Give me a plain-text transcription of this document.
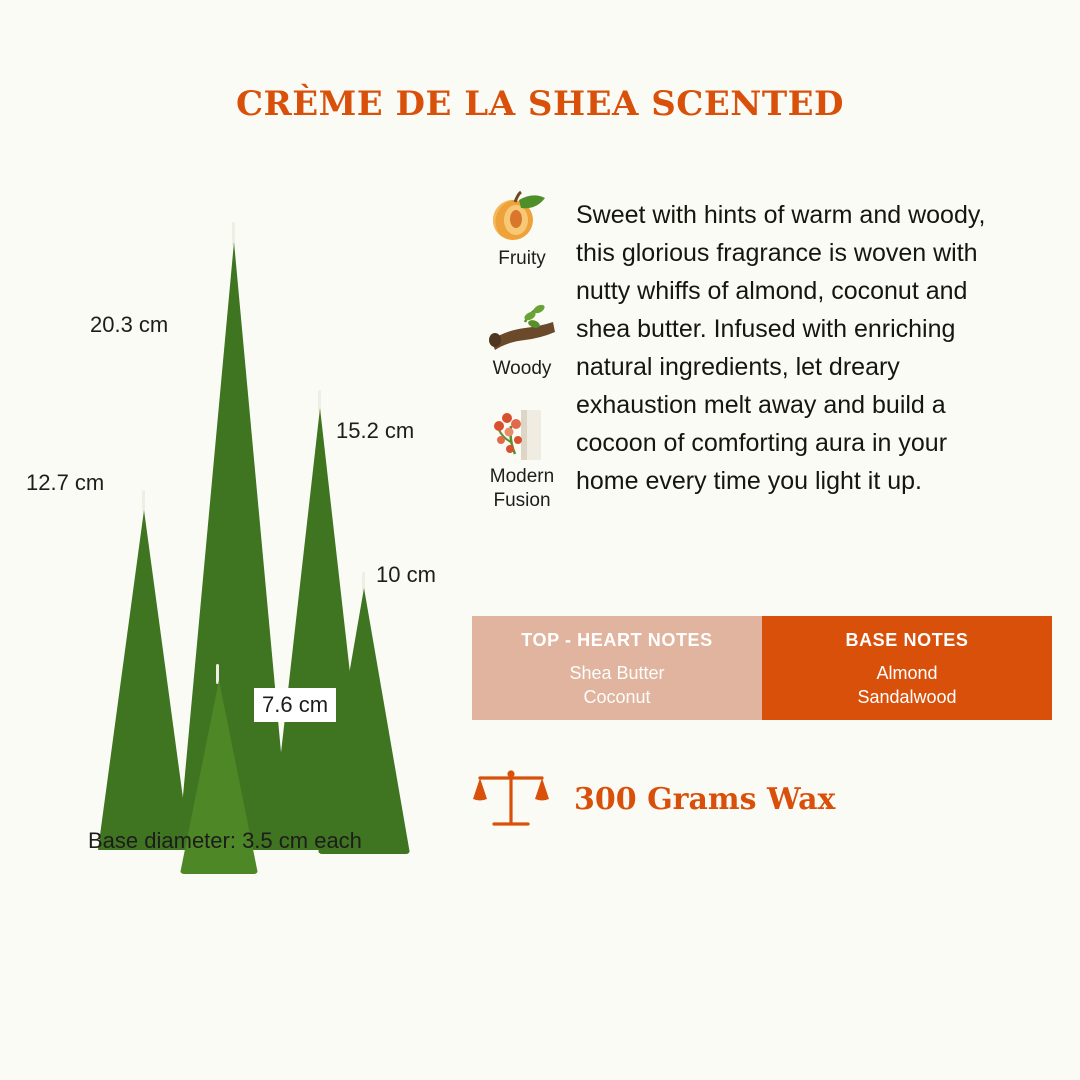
CRÈME DE LA SHEA SCENTED
20.3 cm
15.2 cm
12.7 cm
10 cm
7.6 cm
Base diameter: 3.5 cm each
Fruity
Woody
Modern
Fusion
Sweet with hints of warm and woody, this glorious fragrance is woven with nutty whiffs of almond, coconut and shea butter. Infused with enriching natural ingredients, let dreary exhaustion melt away and build a cocoon of comforting aura in your home every time you light it up.
TOP - HEART NOTES
Shea Butter
Coconut
BASE NOTES
Almond
Sandalwood
300 Grams Wax
